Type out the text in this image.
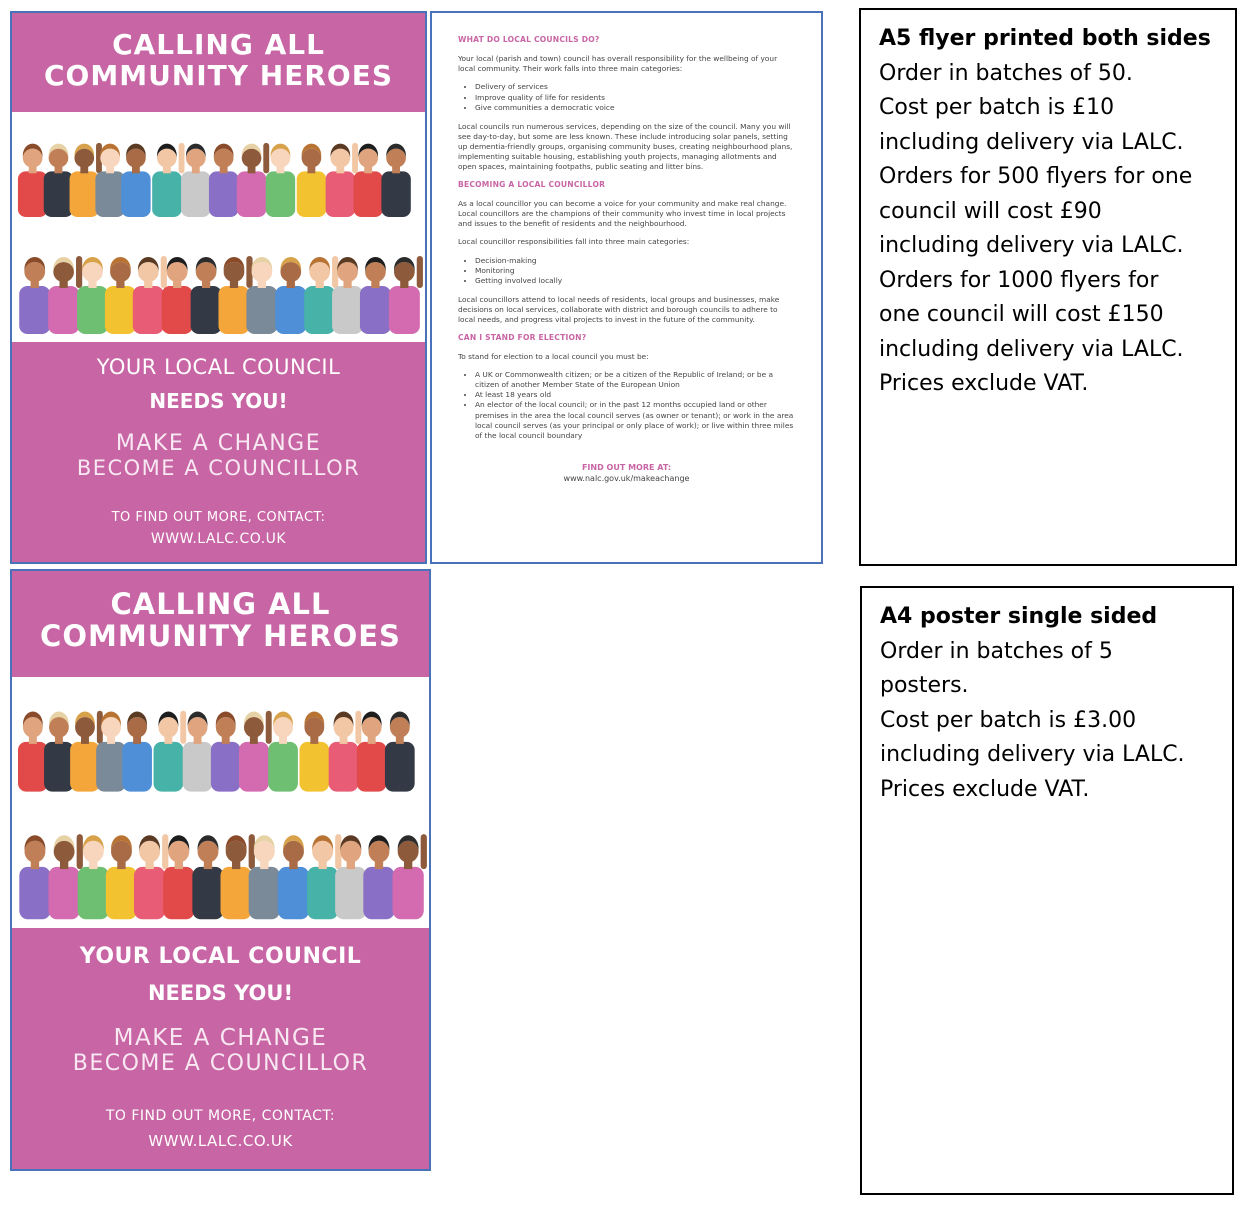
CALLING ALL
COMMUNITY HEROES
YOUR LOCAL COUNCIL
NEEDS YOU!
MAKE A CHANGE
BECOME A COUNCILLOR
TO FIND OUT MORE, CONTACT:
WWW.LALC.CO.UK
WHAT DO LOCAL COUNCILS DO?

Your local (parish and town) council has overall responsibility for the wellbeing of your local community. Their work falls into three main categories:

• Delivery of services
• Improve quality of life for residents
• Give communities a democratic voice

Local councils run numerous services, depending on the size of the council. Many you will see day-to-day, but some are less known. These include introducing solar panels, setting up dementia-friendly groups, organising community buses, creating neighbourhood plans, implementing suitable housing, establishing youth projects, managing allotments and open spaces, maintaining footpaths, public seating and litter bins.

BECOMING A LOCAL COUNCILLOR

As a local councillor you can become a voice for your community and make real change. Local councillors are the champions of their community who invest time in local projects and issues to the benefit of residents and the neighbourhood.

Local councillor responsibilities fall into three main categories:

• Decision-making
• Monitoring
• Getting involved locally

Local councillors attend to local needs of residents, local groups and businesses, make decisions on local services, collaborate with district and borough councils to adhere to local needs, and progress vital projects to invest in the future of the community.

CAN I STAND FOR ELECTION?

To stand for election to a local council you must be:

• A UK or Commonwealth citizen; or be a citizen of the Republic of Ireland; or be a citizen of another Member State of the European Union
• At least 18 years old
• An elector of the local council; or in the past 12 months occupied land or other premises in the area the local council serves (as owner or tenant); or work in the area local council serves (as your principal or only place of work); or live within three miles of the local council boundary
FIND OUT MORE AT:
www.nalc.gov.uk/makeachange
A5 flyer printed both sides
Order in batches of 50.
Cost per batch is £10
including delivery via LALC.
Orders for 500 flyers for one
council will cost £90
including delivery via LALC.
Orders for 1000 flyers for
one council will cost £150
including delivery via LALC.
Prices exclude VAT.
CALLING ALL
COMMUNITY HEROES
YOUR LOCAL COUNCIL
NEEDS YOU!
MAKE A CHANGE
BECOME A COUNCILLOR
TO FIND OUT MORE, CONTACT:
WWW.LALC.CO.UK
A4 poster single sided
Order in batches of 5
posters.
Cost per batch is £3.00
including delivery via LALC.
Prices exclude VAT.
